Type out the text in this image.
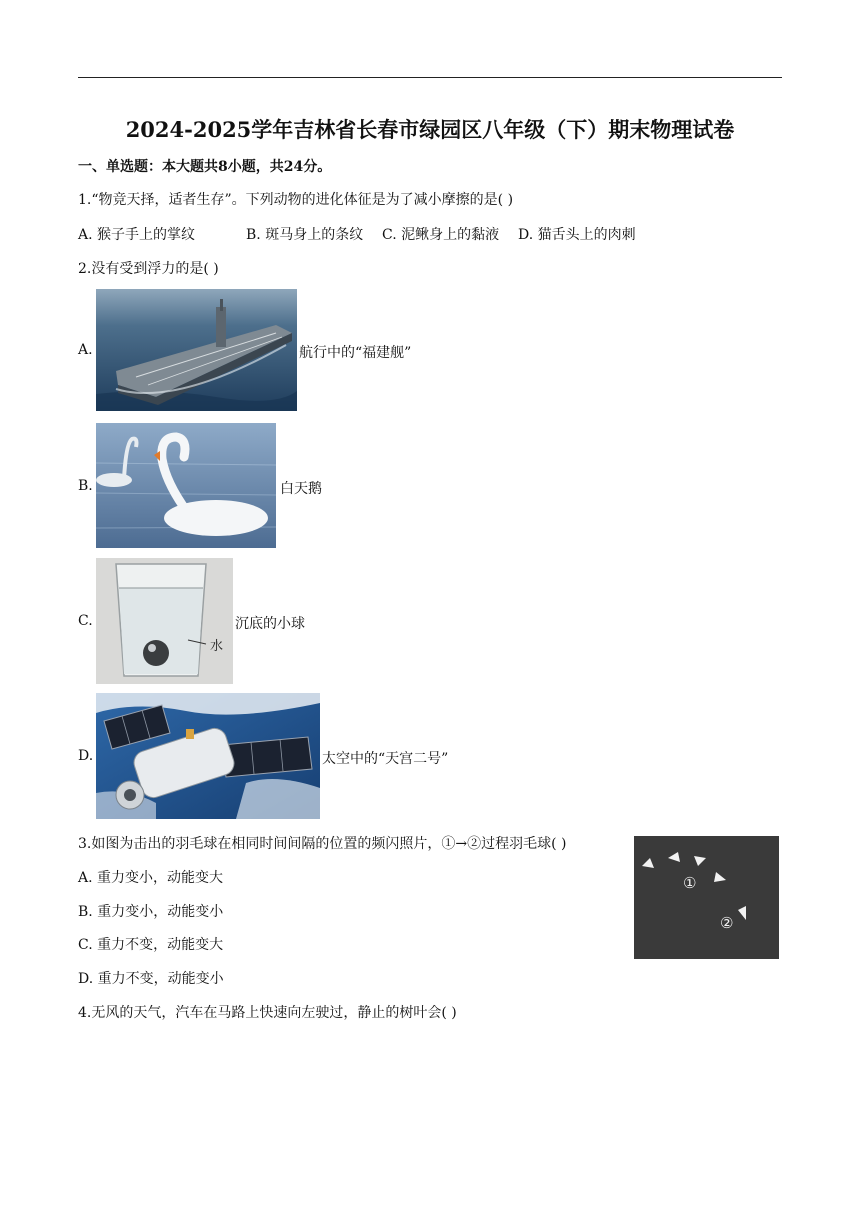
2024-2025学年吉林省长春市绿园区八年级（下）期末物理试卷
一、单选题：本大题共8小题，共24分。
1.“物竞天择，适者生存”。下列动物的进化体征是为了减小摩擦的是( )
A. 猴子手上的掌纹	B. 斑马身上的条纹 C. 泥鳅身上的黏液 D. 猫舌头上的肉刺
2.没有受到浮力的是( )
A.	航行中的“福建舰”
B.	白天鹅
C.
水
沉底的小球
D.	太空中的“天宫二号”
3.如图为击出的羽毛球在相同时间间隔的位置的频闪照片，①→②过程羽毛球( )
A. 重力变小，动能变大
B. 重力变小，动能变小
C. 重力不变，动能变大
D. 重力不变，动能变小
①
②
4.无风的天气，汽车在马路上快速向左驶过，静止的树叶会( )
